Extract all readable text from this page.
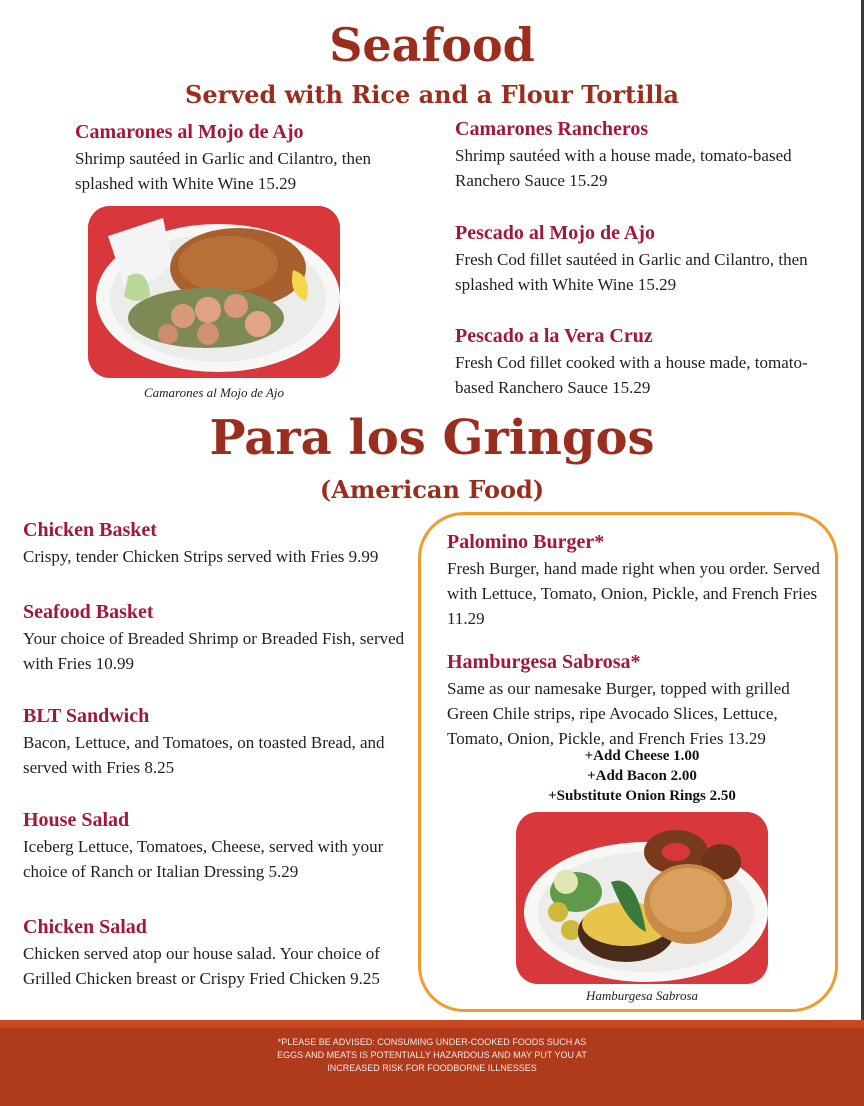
Seafood
Served with Rice and a Flour Tortilla
Camarones al Mojo de Ajo
Shrimp sautéed in Garlic and Cilantro, then splashed with White Wine 15.29
Camarones al Mojo de Ajo
Camarones Rancheros
Shrimp sautéed with a house made, tomato-based Ranchero Sauce 15.29
Pescado al Mojo de Ajo
Fresh Cod fillet sautéed in Garlic and Cilantro, then splashed with White Wine 15.29
Pescado a la Vera Cruz
Fresh Cod fillet cooked with a house made, tomato-based Ranchero Sauce 15.29
Para los Gringos
(American Food)
Chicken Basket
Crispy, tender Chicken Strips served with Fries 9.99
Seafood Basket
Your choice of Breaded Shrimp or Breaded Fish, served with Fries 10.99
BLT Sandwich
Bacon, Lettuce, and Tomatoes, on toasted Bread, and served with Fries 8.25
House Salad
Iceberg Lettuce, Tomatoes, Cheese, served with your choice of Ranch or Italian Dressing 5.29
Chicken Salad
Chicken served atop our house salad. Your choice of Grilled Chicken breast or Crispy Fried Chicken 9.25
Palomino Burger*
Fresh Burger, hand made right when you order. Served with Lettuce, Tomato, Onion, Pickle, and French Fries 11.29
Hamburgesa Sabrosa*
Same as our namesake Burger, topped with grilled Green Chile strips, ripe Avocado Slices, Lettuce, Tomato, Onion, Pickle, and French Fries 13.29
+Add Cheese 1.00
+Add Bacon 2.00
+Substitute Onion Rings 2.50
Hamburgesa Sabrosa
*PLEASE BE ADVISED: CONSUMING UNDER-COOKED FOODS SUCH AS
EGGS AND MEATS IS POTENTIALLY HAZARDOUS AND MAY PUT YOU AT
INCREASED RISK FOR FOODBORNE ILLNESSES
